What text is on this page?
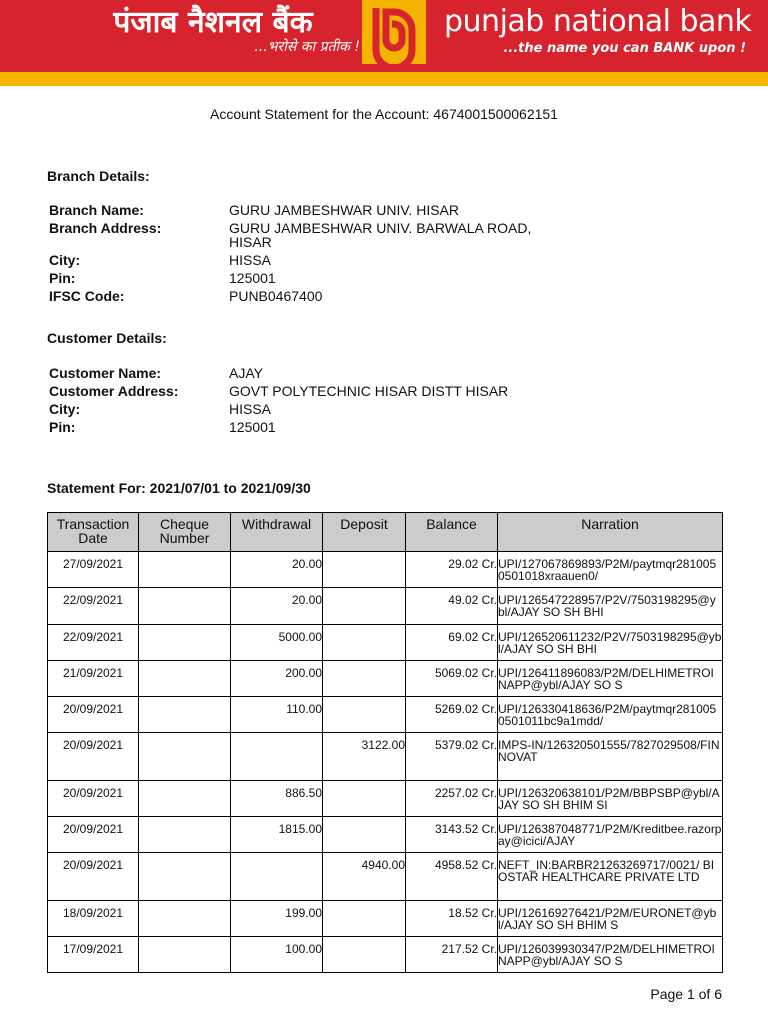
पंजाब नैशनल बैंक
...भरोसे का प्रतीक !
punjab national bank
...the name you can BANK upon !
Account Statement for the Account: 4674001500062151
Branch Details:
Branch Name:	GURU JAMBESHWAR UNIV. HISAR
Branch Address:	GURU JAMBESHWAR UNIV. BARWALA ROAD, HISAR
City:	HISSA
Pin:	125001
IFSC Code:	PUNB0467400
Customer Details:
Customer Name:	AJAY
Customer Address:	GOVT POLYTECHNIC HISAR DISTT HISAR
City:	HISSA
Pin:	125001
Statement For: 2021/07/01 to 2021/09/30
Transaction Date	Cheque Number	Withdrawal	Deposit	Balance	Narration
27/09/2021		20.00		29.02 Cr.	UPI/127067869893/P2M/paytmqr2810050501018xraauen0/
22/09/2021		20.00		49.02 Cr.	UPI/126547228957/P2V/7503198295@ybl/AJAY SO SH BHI
22/09/2021		5000.00		69.02 Cr.	UPI/126520611232/P2V/7503198295@ybl/AJAY SO SH BHI
21/09/2021		200.00		5069.02 Cr.	UPI/126411896083/P2M/DELHIMETROINAPP@ybl/AJAY SO S
20/09/2021		110.00		5269.02 Cr.	UPI/126330418636/P2M/paytmqr2810050501011bc9a1mdd/
20/09/2021			3122.00	5379.02 Cr.	IMPS-IN/126320501555/7827029508/FINNOVAT
20/09/2021		886.50		2257.02 Cr.	UPI/126320638101/P2M/BBPSBP@ybl/AJAY SO SH BHIM SI
20/09/2021		1815.00		3143.52 Cr.	UPI/126387048771/P2M/Kreditbee.razorpay@icici/AJAY
20/09/2021			4940.00	4958.52 Cr.	NEFT_IN:BARBR21263269717/0021/ BIOSTAR HEALTHCARE PRIVATE LTD
18/09/2021		199.00		18.52 Cr.	UPI/126169276421/P2M/EURONET@ybl/AJAY SO SH BHIM S
17/09/2021		100.00		217.52 Cr.	UPI/126039930347/P2M/DELHIMETROINAPP@ybl/AJAY SO S
Page 1 of 6
